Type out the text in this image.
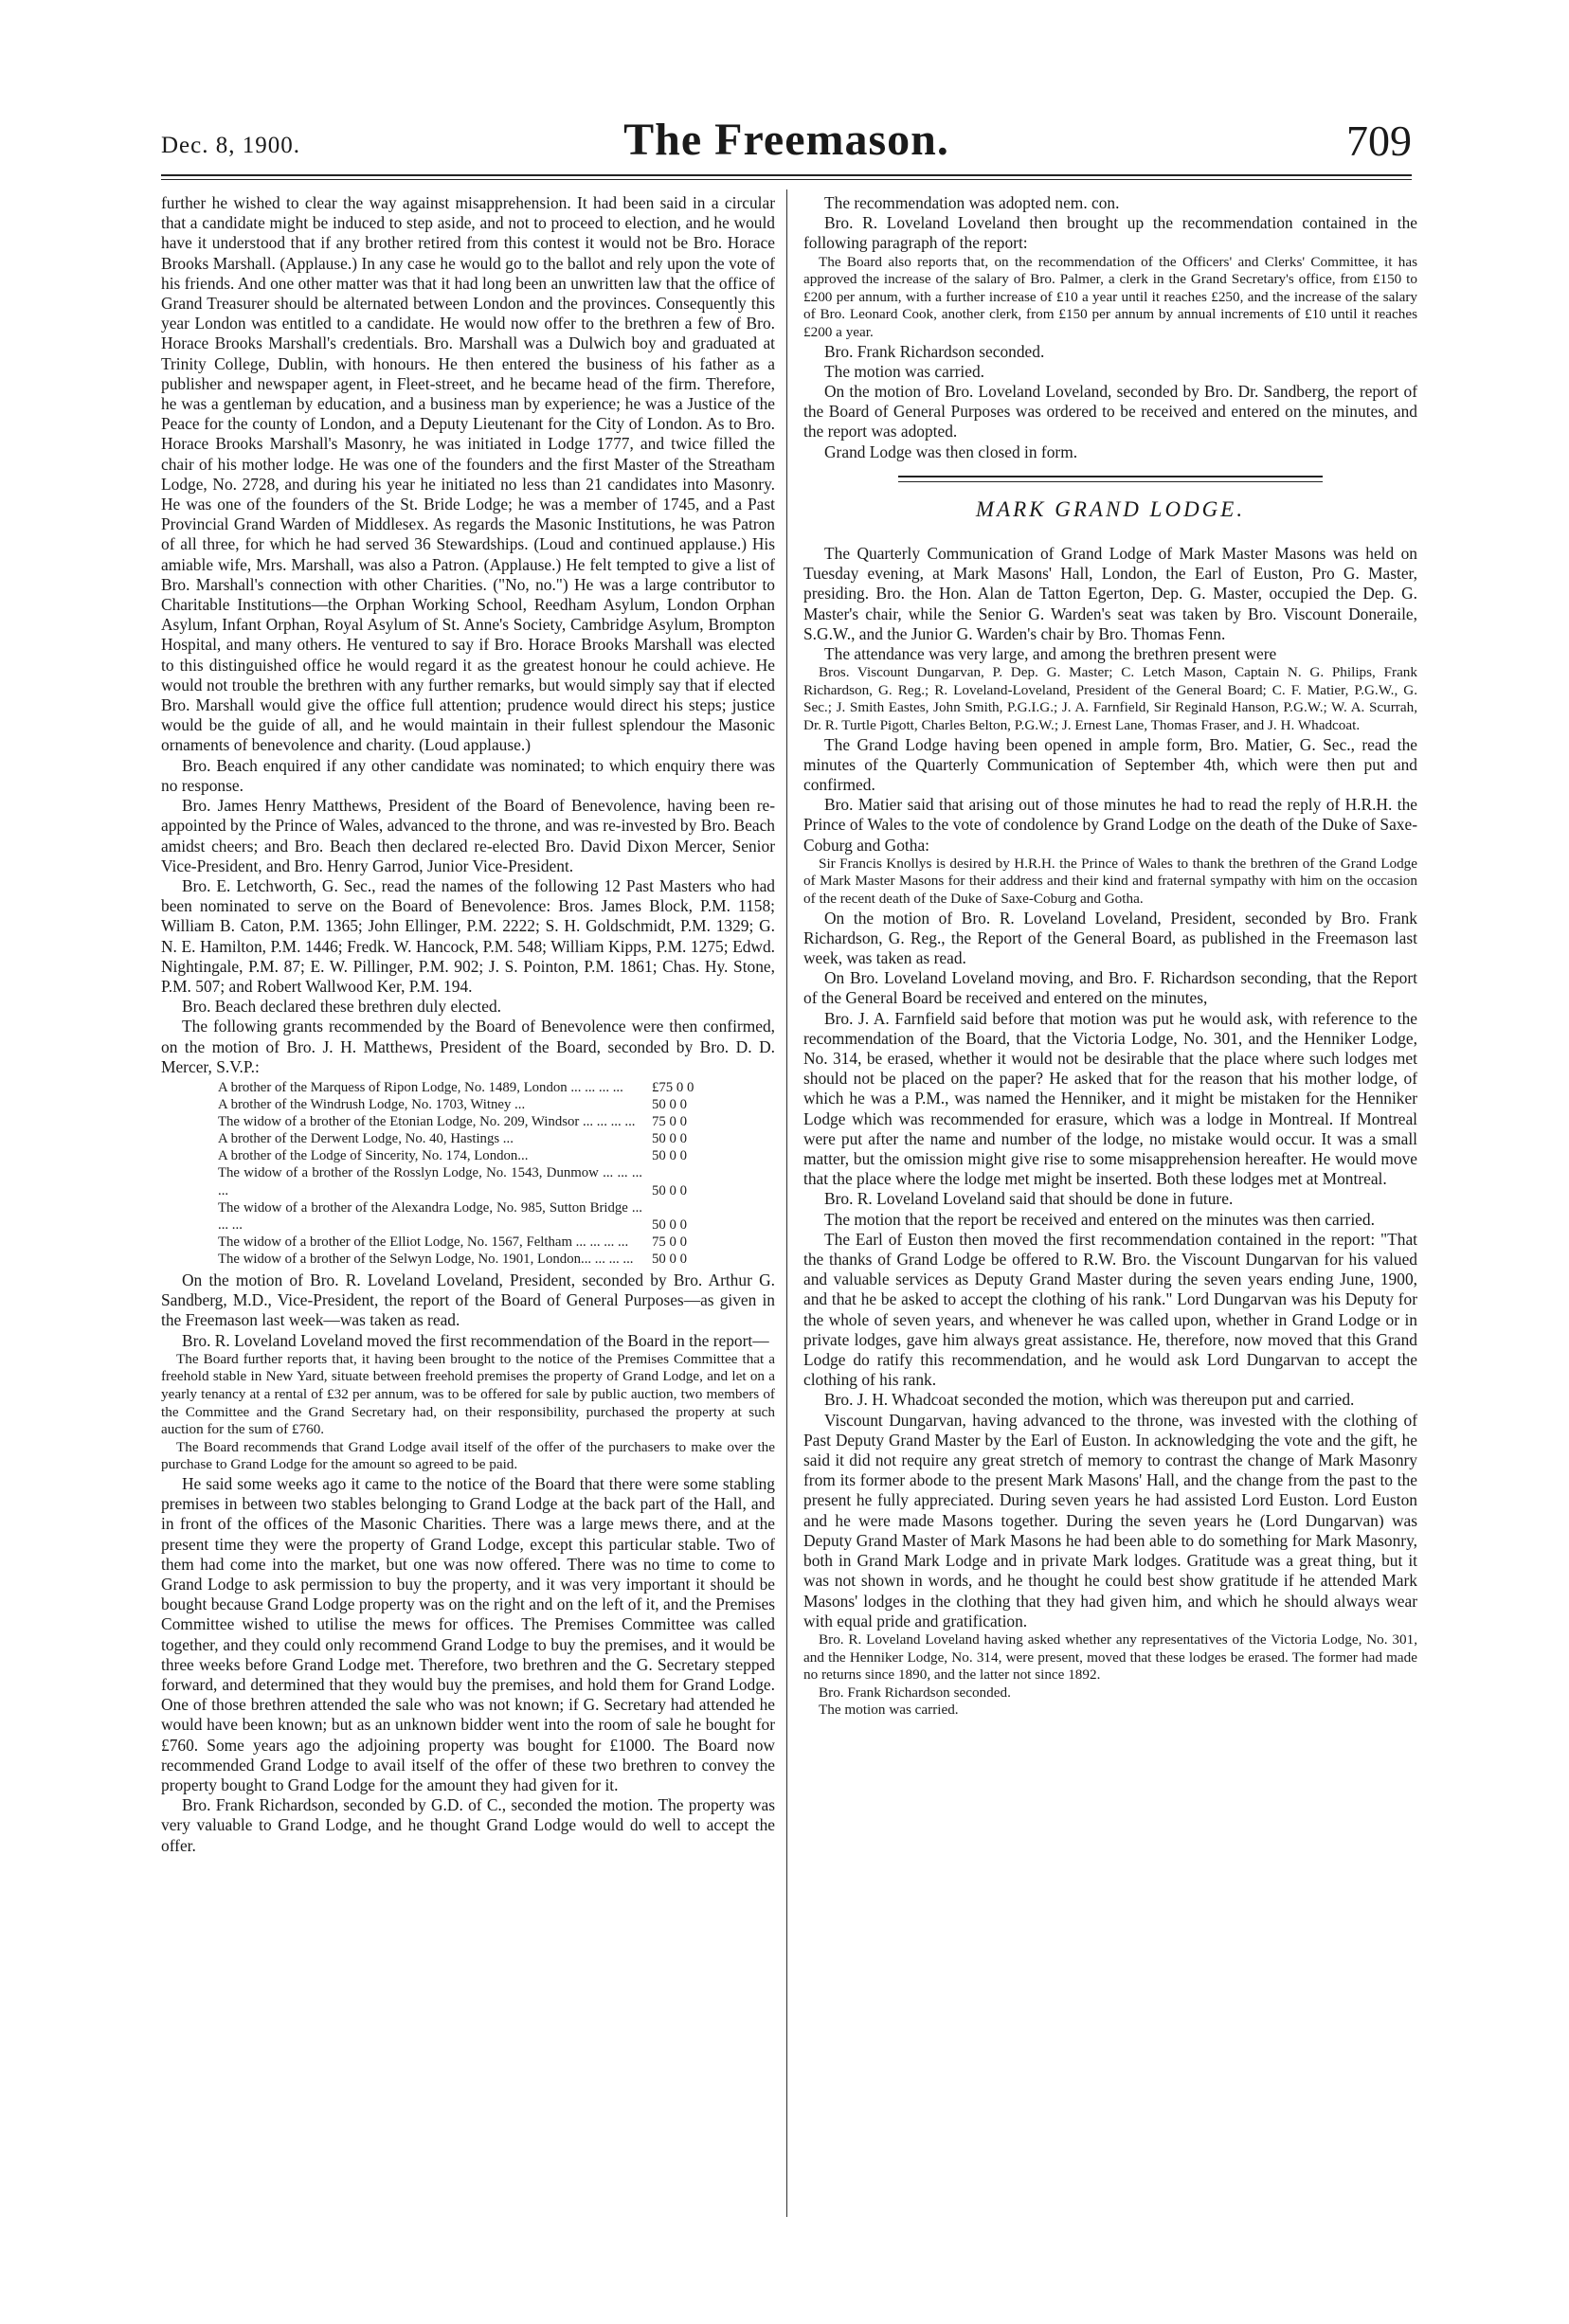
Dec. 8, 1900.	The Freemason.	709

further he wished to clear the way against misapprehension. It had been said in a circular that a candidate might be induced to step aside, and not to proceed to election, and he would have it understood that if any brother retired from this contest it would not be Bro. Horace Brooks Marshall. (Applause.) In any case he would go to the ballot and rely upon the vote of his friends. And one other matter was that it had long been an unwritten law that the office of Grand Treasurer should be alternated between London and the provinces. Consequently this year London was entitled to a candidate. He would now offer to the brethren a few of Bro. Horace Brooks Marshall's credentials. Bro. Marshall was a Dulwich boy and graduated at Trinity College, Dublin, with honours. He then entered the business of his father as a publisher and newspaper agent, in Fleet-street, and he became head of the firm. Therefore, he was a gentleman by education, and a business man by experience; he was a Justice of the Peace for the county of London, and a Deputy Lieutenant for the City of London. As to Bro. Horace Brooks Marshall's Masonry, he was initiated in Lodge 1777, and twice filled the chair of his mother lodge. He was one of the founders and the first Master of the Streatham Lodge, No. 2728, and during his year he initiated no less than 21 candidates into Masonry. He was one of the founders of the St. Bride Lodge; he was a member of 1745, and a Past Provincial Grand Warden of Middlesex. As regards the Masonic Institutions, he was Patron of all three, for which he had served 36 Stewardships. (Loud and continued applause.) His amiable wife, Mrs. Marshall, was also a Patron. (Applause.) He felt tempted to give a list of Bro. Marshall's connection with other Charities. ("No, no.") He was a large contributor to Charitable Institutions—the Orphan Working School, Reedham Asylum, London Orphan Asylum, Infant Orphan, Royal Asylum of St. Anne's Society, Cambridge Asylum, Brompton Hospital, and many others. He ventured to say if Bro. Horace Brooks Marshall was elected to this distinguished office he would regard it as the greatest honour he could achieve. He would not trouble the brethren with any further remarks, but would simply say that if elected Bro. Marshall would give the office full attention; prudence would direct his steps; justice would be the guide of all, and he would maintain in their fullest splendour the Masonic ornaments of benevolence and charity. (Loud applause.)

Bro. Beach enquired if any other candidate was nominated; to which enquiry there was no response.

Bro. James Henry Matthews, President of the Board of Benevolence, having been re-appointed by the Prince of Wales, advanced to the throne, and was re-invested by Bro. Beach amidst cheers; and Bro. Beach then declared re-elected Bro. David Dixon Mercer, Senior Vice-President, and Bro. Henry Garrod, Junior Vice-President.

Bro. E. Letchworth, G. Sec., read the names of the following 12 Past Masters who had been nominated to serve on the Board of Benevolence: Bros. James Block, P.M. 1158; William B. Caton, P.M. 1365; John Ellinger, P.M. 2222; S. H. Goldschmidt, P.M. 1329; G. N. E. Hamilton, P.M. 1446; Fredk. W. Hancock, P.M. 548; William Kipps, P.M. 1275; Edwd. Nightingale, P.M. 87; E. W. Pillinger, P.M. 902; J. S. Pointon, P.M. 1861; Chas. Hy. Stone, P.M. 507; and Robert Wallwood Ker, P.M. 194.

Bro. Beach declared these brethren duly elected.

The following grants recommended by the Board of Benevolence were then confirmed, on the motion of Bro. J. H. Matthews, President of the Board, seconded by Bro. D. D. Mercer, S.V.P.:

A brother of the Marquess of Ripon Lodge, No. 1489, London ... ... ... ...	£75 0 0
A brother of the Windrush Lodge, No. 1703, Witney ...	50 0 0
The widow of a brother of the Etonian Lodge, No. 209, Windsor ... ... ... ...	75 0 0
A brother of the Derwent Lodge, No. 40, Hastings ...	50 0 0
A brother of the Lodge of Sincerity, No. 174, London...	50 0 0
The widow of a brother of the Rosslyn Lodge, No. 1543, Dunmow ... ... ... ...	50 0 0
The widow of a brother of the Alexandra Lodge, No. 985, Sutton Bridge ... ... ...	50 0 0
The widow of a brother of the Elliot Lodge, No. 1567, Feltham ... ... ... ...	75 0 0
The widow of a brother of the Selwyn Lodge, No. 1901, London... ... ... ...	50 0 0

On the motion of Bro. R. Loveland Loveland, President, seconded by Bro. Arthur G. Sandberg, M.D., Vice-President, the report of the Board of General Purposes—as given in the Freemason last week—was taken as read.

Bro. R. Loveland Loveland moved the first recommendation of the Board in the report—

The Board further reports that, it having been brought to the notice of the Premises Committee that a freehold stable in New Yard, situate between freehold premises the property of Grand Lodge, and let on a yearly tenancy at a rental of £32 per annum, was to be offered for sale by public auction, two members of the Committee and the Grand Secretary had, on their responsibility, purchased the property at such auction for the sum of £760.

The Board recommends that Grand Lodge avail itself of the offer of the purchasers to make over the purchase to Grand Lodge for the amount so agreed to be paid.

He said some weeks ago it came to the notice of the Board that there were some stabling premises in between two stables belonging to Grand Lodge at the back part of the Hall, and in front of the offices of the Masonic Charities. There was a large mews there, and at the present time they were the property of Grand Lodge, except this particular stable. Two of them had come into the market, but one was now offered. There was no time to come to Grand Lodge to ask permission to buy the property, and it was very important it should be bought because Grand Lodge property was on the right and on the left of it, and the Premises Committee wished to utilise the mews for offices. The Premises Committee was called together, and they could only recommend Grand Lodge to buy the premises, and it would be three weeks before Grand Lodge met. Therefore, two brethren and the G. Secretary stepped forward, and determined that they would buy the premises, and hold them for Grand Lodge. One of those brethren attended the sale who was not known; if G. Secretary had attended he would have been known; but as an unknown bidder went into the room of sale he bought for £760. Some years ago the adjoining property was bought for £1000. The Board now recommended Grand Lodge to avail itself of the offer of these two brethren to convey the property bought to Grand Lodge for the amount they had given for it.

Bro. Frank Richardson, seconded by G.D. of C., seconded the motion. The property was very valuable to Grand Lodge, and he thought Grand Lodge would do well to accept the offer.

The recommendation was adopted nem. con.

Bro. R. Loveland Loveland then brought up the recommendation contained in the following paragraph of the report:

The Board also reports that, on the recommendation of the Officers' and Clerks' Committee, it has approved the increase of the salary of Bro. Palmer, a clerk in the Grand Secretary's office, from £150 to £200 per annum, with a further increase of £10 a year until it reaches £250, and the increase of the salary of Bro. Leonard Cook, another clerk, from £150 per annum by annual increments of £10 until it reaches £200 a year.

Bro. Frank Richardson seconded.

The motion was carried.

On the motion of Bro. Loveland Loveland, seconded by Bro. Dr. Sandberg, the report of the Board of General Purposes was ordered to be received and entered on the minutes, and the report was adopted.

Grand Lodge was then closed in form.

MARK GRAND LODGE.

The Quarterly Communication of Grand Lodge of Mark Master Masons was held on Tuesday evening, at Mark Masons' Hall, London, the Earl of Euston, Pro G. Master, presiding. Bro. the Hon. Alan de Tatton Egerton, Dep. G. Master, occupied the Dep. G. Master's chair, while the Senior G. Warden's seat was taken by Bro. Viscount Doneraile, S.G.W., and the Junior G. Warden's chair by Bro. Thomas Fenn.

The attendance was very large, and among the brethren present were

Bros. Viscount Dungarvan, P. Dep. G. Master; C. Letch Mason, Captain N. G. Philips, Frank Richardson, G. Reg.; R. Loveland-Loveland, President of the General Board; C. F. Matier, P.G.W., G. Sec.; J. Smith Eastes, John Smith, P.G.I.G.; J. A. Farnfield, Sir Reginald Hanson, P.G.W.; W. A. Scurrah, Dr. R. Turtle Pigott, Charles Belton, P.G.W.; J. Ernest Lane, Thomas Fraser, and J. H. Whadcoat.

The Grand Lodge having been opened in ample form, Bro. Matier, G. Sec., read the minutes of the Quarterly Communication of September 4th, which were then put and confirmed.

Bro. Matier said that arising out of those minutes he had to read the reply of H.R.H. the Prince of Wales to the vote of condolence by Grand Lodge on the death of the Duke of Saxe-Coburg and Gotha:

Sir Francis Knollys is desired by H.R.H. the Prince of Wales to thank the brethren of the Grand Lodge of Mark Master Masons for their address and their kind and fraternal sympathy with him on the occasion of the recent death of the Duke of Saxe-Coburg and Gotha.

On the motion of Bro. R. Loveland Loveland, President, seconded by Bro. Frank Richardson, G. Reg., the Report of the General Board, as published in the Freemason last week, was taken as read.

On Bro. Loveland Loveland moving, and Bro. F. Richardson seconding, that the Report of the General Board be received and entered on the minutes,

Bro. J. A. Farnfield said before that motion was put he would ask, with reference to the recommendation of the Board, that the Victoria Lodge, No. 301, and the Henniker Lodge, No. 314, be erased, whether it would not be desirable that the place where such lodges met should not be placed on the paper? He asked that for the reason that his mother lodge, of which he was a P.M., was named the Henniker, and it might be mistaken for the Henniker Lodge which was recommended for erasure, which was a lodge in Montreal. If Montreal were put after the name and number of the lodge, no mistake would occur. It was a small matter, but the omission might give rise to some misapprehension hereafter. He would move that the place where the lodge met might be inserted. Both these lodges met at Montreal.

Bro. R. Loveland Loveland said that should be done in future.

The motion that the report be received and entered on the minutes was then carried.

The Earl of Euston then moved the first recommendation contained in the report: "That the thanks of Grand Lodge be offered to R.W. Bro. the Viscount Dungarvan for his valued and valuable services as Deputy Grand Master during the seven years ending June, 1900, and that he be asked to accept the clothing of his rank." Lord Dungarvan was his Deputy for the whole of seven years, and whenever he was called upon, whether in Grand Lodge or in private lodges, gave him always great assistance. He, therefore, now moved that this Grand Lodge do ratify this recommendation, and he would ask Lord Dungarvan to accept the clothing of his rank.

Bro. J. H. Whadcoat seconded the motion, which was thereupon put and carried.

Viscount Dungarvan, having advanced to the throne, was invested with the clothing of Past Deputy Grand Master by the Earl of Euston. In acknowledging the vote and the gift, he said it did not require any great stretch of memory to contrast the change of Mark Masonry from its former abode to the present Mark Masons' Hall, and the change from the past to the present he fully appreciated. During seven years he had assisted Lord Euston. Lord Euston and he were made Masons together. During the seven years he (Lord Dungarvan) was Deputy Grand Master of Mark Masons he had been able to do something for Mark Masonry, both in Grand Mark Lodge and in private Mark lodges. Gratitude was a great thing, but it was not shown in words, and he thought he could best show gratitude if he attended Mark Masons' lodges in the clothing that they had given him, and which he should always wear with equal pride and gratification.

Bro. R. Loveland Loveland having asked whether any representatives of the Victoria Lodge, No. 301, and the Henniker Lodge, No. 314, were present, moved that these lodges be erased. The former had made no returns since 1890, and the latter not since 1892.

Bro. Frank Richardson seconded.

The motion was carried.
